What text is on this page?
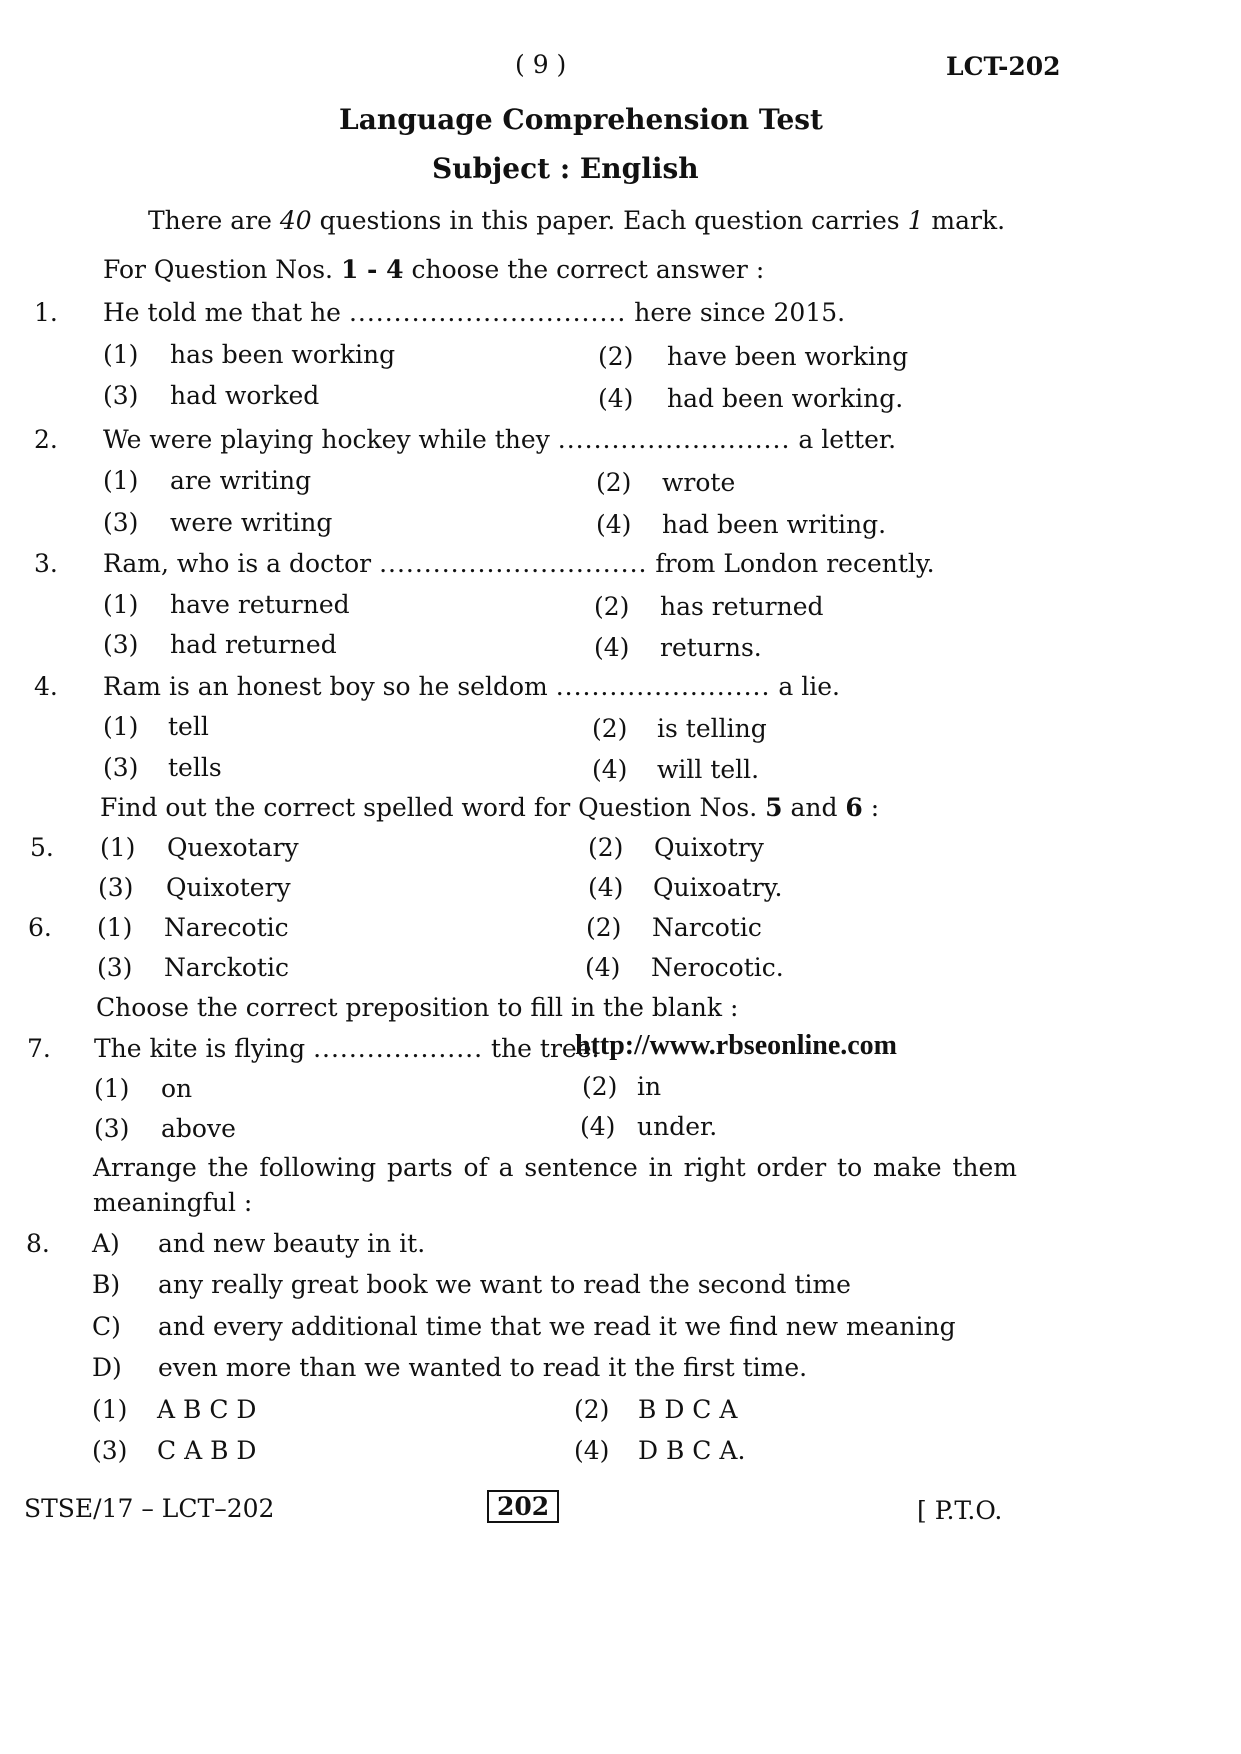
( 9 )	LCT-202
Language Comprehension Test
Subject : English
There are 40 questions in this paper. Each question carries 1 mark.
For Question Nos. 1 - 4 choose the correct answer :
1. He told me that he ............................... here since 2015.
(1) has been working	(2) have been working
(3) had worked	(4) had been working.
2. We were playing hockey while they .......................... a letter.
(1) are writing	(2) wrote
(3) were writing	(4) had been writing.
3. Ram, who is a doctor .............................. from London recently.
(1) have returned	(2) has returned
(3) had returned	(4) returns.
4. Ram is an honest boy so he seldom ........................ a lie.
(1) tell	(2) is telling
(3) tells	(4) will tell.
Find out the correct spelled word for Question Nos. 5 and 6 :
5. (1) Quexotary	(2) Quixotry
(3) Quixotery	(4) Quixoatry.
6. (1) Narecotic	(2) Narcotic
(3) Narckotic	(4) Nerocotic.
Choose the correct preposition to fill in the blank :
7. The kite is flying ................... the tree.
http://www.rbseonline.com
(1) on	(2) in
(3) above	(4) under.
Arrange the following parts of a sentence in right order to make them
meaningful :
8. A) and new beauty in it.
B) any really great book we want to read the second time
C) and every additional time that we read it we find new meaning
D) even more than we wanted to read it the first time.
(1) A B C D	(2) B D C A
(3) C A B D	(4) D B C A.
STSE/17 – LCT–202	202	[ P.T.O.
